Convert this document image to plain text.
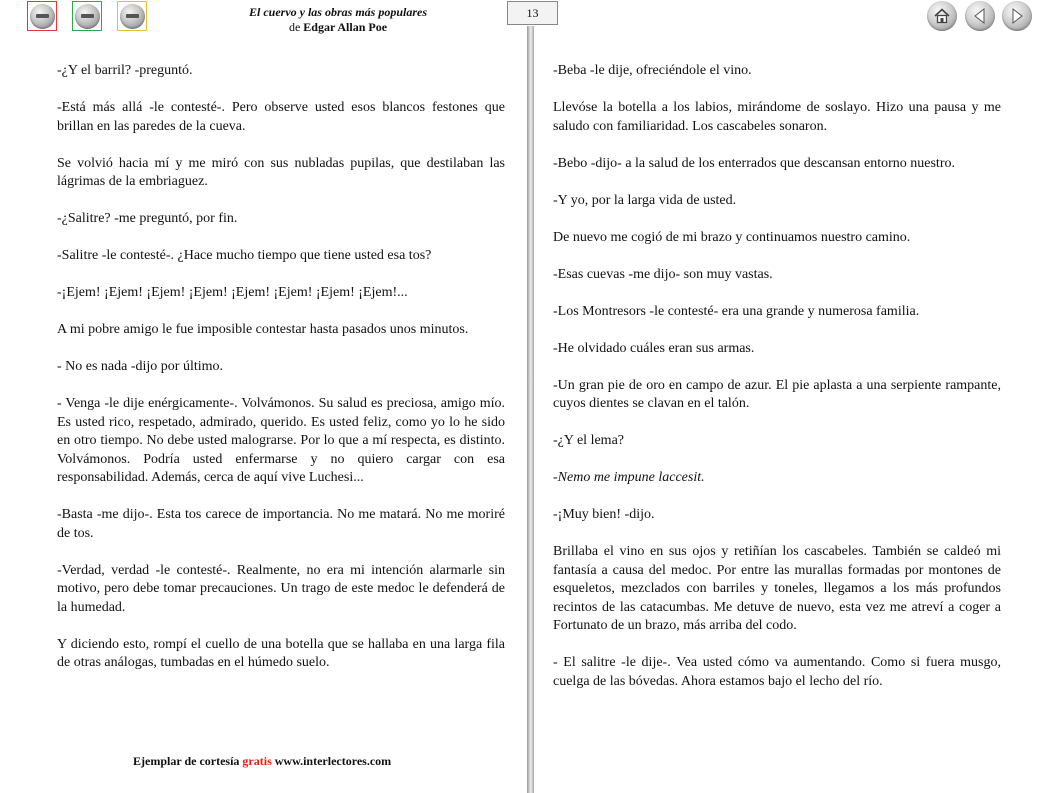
El cuervo y las obras más populares
de Edgar Allan Poe
13

-¿Y el barril? -preguntó.

-Está más allá -le contesté-. Pero observe usted esos blancos festones que brillan en las paredes de la cueva.

Se volvió hacia mí y me miró con sus nubladas pupilas, que destilaban las lágrimas de la embriaguez.

-¿Salitre? -me preguntó, por fin.

-Salitre -le contesté-. ¿Hace mucho tiempo que tiene usted esa tos?

-¡Ejem! ¡Ejem! ¡Ejem! ¡Ejem! ¡Ejem! ¡Ejem! ¡Ejem! ¡Ejem!...

A mi pobre amigo le fue imposible contestar hasta pasados unos minutos.

- No es nada -dijo por último.

- Venga -le dije enérgicamente-. Volvámonos. Su salud es preciosa, amigo mío. Es usted rico, respetado, admirado, querido. Es usted feliz, como yo lo he sido en otro tiempo. No debe usted malograrse. Por lo que a mí respecta, es distinto. Volvámonos. Podría usted enfermarse y no quiero cargar con esa responsabilidad. Además, cerca de aquí vive Luchesi...

-Basta -me dijo-. Esta tos carece de importancia. No me matará. No me moriré de tos.

-Verdad, verdad -le contesté-. Realmente, no era mi intención alarmarle sin motivo, pero debe tomar precauciones. Un trago de este medoc le defenderá de la humedad.

Y diciendo esto, rompí el cuello de una botella que se hallaba en una larga fila de otras análogas, tumbadas en el húmedo suelo.

-Beba -le dije, ofreciéndole el vino.

Llevóse la botella a los labios, mirándome de soslayo. Hizo una pausa y me saludo con familiaridad. Los cascabeles sonaron.

-Bebo -dijo- a la salud de los enterrados que descansan entorno nuestro.

-Y yo, por la larga vida de usted.

De nuevo me cogió de mi brazo y continuamos nuestro camino.

-Esas cuevas -me dijo- son muy vastas.

-Los Montresors -le contesté- era una grande y numerosa familia.

-He olvidado cuáles eran sus armas.

-Un gran pie de oro en campo de azur. El pie aplasta a una serpiente rampante, cuyos dientes se clavan en el talón.

-¿Y el lema?

-Nemo me impune laccesit.

-¡Muy bien! -dijo.

Brillaba el vino en sus ojos y retiñían los cascabeles. También se caldeó mi fantasía a causa del medoc. Por entre las murallas formadas por montones de esqueletos, mezclados con barriles y toneles, llegamos a los más profundos recintos de las catacumbas. Me detuve de nuevo, esta vez me atreví a coger a Fortunato de un brazo, más arriba del codo.

- El salitre -le dije-. Vea usted cómo va aumentando. Como si fuera musgo, cuelga de las bóvedas. Ahora estamos bajo el lecho del río.

Ejemplar de cortesía gratis www.interlectores.com
